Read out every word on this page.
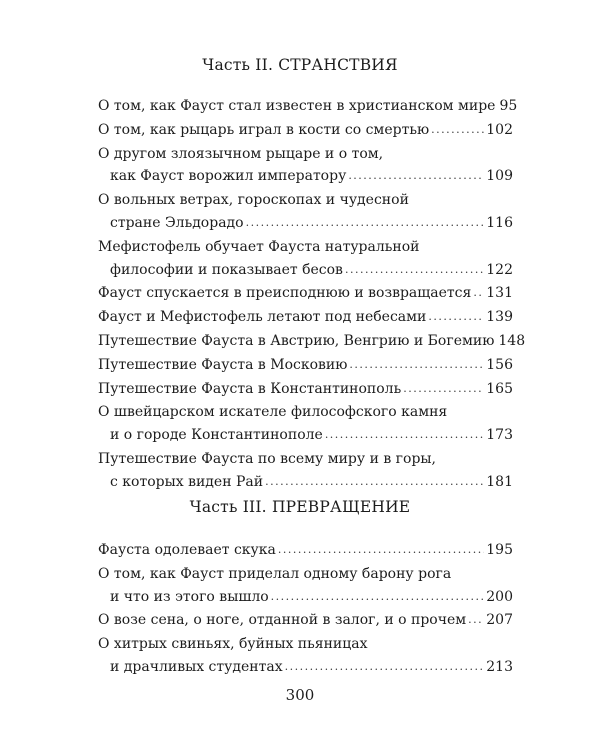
Часть II. СТРАНСТВИЯ
О том, как Фауст стал известен в христианском мире 95
О том, как рыцарь играл в кости со смертью .....	102
О другом злоязычном рыцаре и о том,
как Фауст ворожил императору .....	109
О вольных ветрах, гороскопах и чудесной
стране Эльдорадо .....	116
Мефистофель обучает Фауста натуральной
философии и показывает бесов .....	122
Фауст спускается в преисподнюю и возвращается ..... 131
Фауст и Мефистофель летают под небесами .....	139
Путешествие Фауста в Австрию, Венгрию и Богемию 148
Путешествие Фауста в Московию .....	156
Путешествие Фауста в Константинополь .....	165
О швейцарском искателе философского камня
и о городе Константинополе .....	173
Путешествие Фауста по всему миру и в горы,
с которых виден Рай .....	181
Часть III. ПРЕВРАЩЕНИЕ
Фауста одолевает скука .....	195
О том, как Фауст приделал одному барону рога
и что из этого вышло .....	200
О возе сена, о ноге, отданной в залог, и о прочем ..... 207
О хитрых свиньях, буйных пьяницах
и драчливых студентах .....	213
300
